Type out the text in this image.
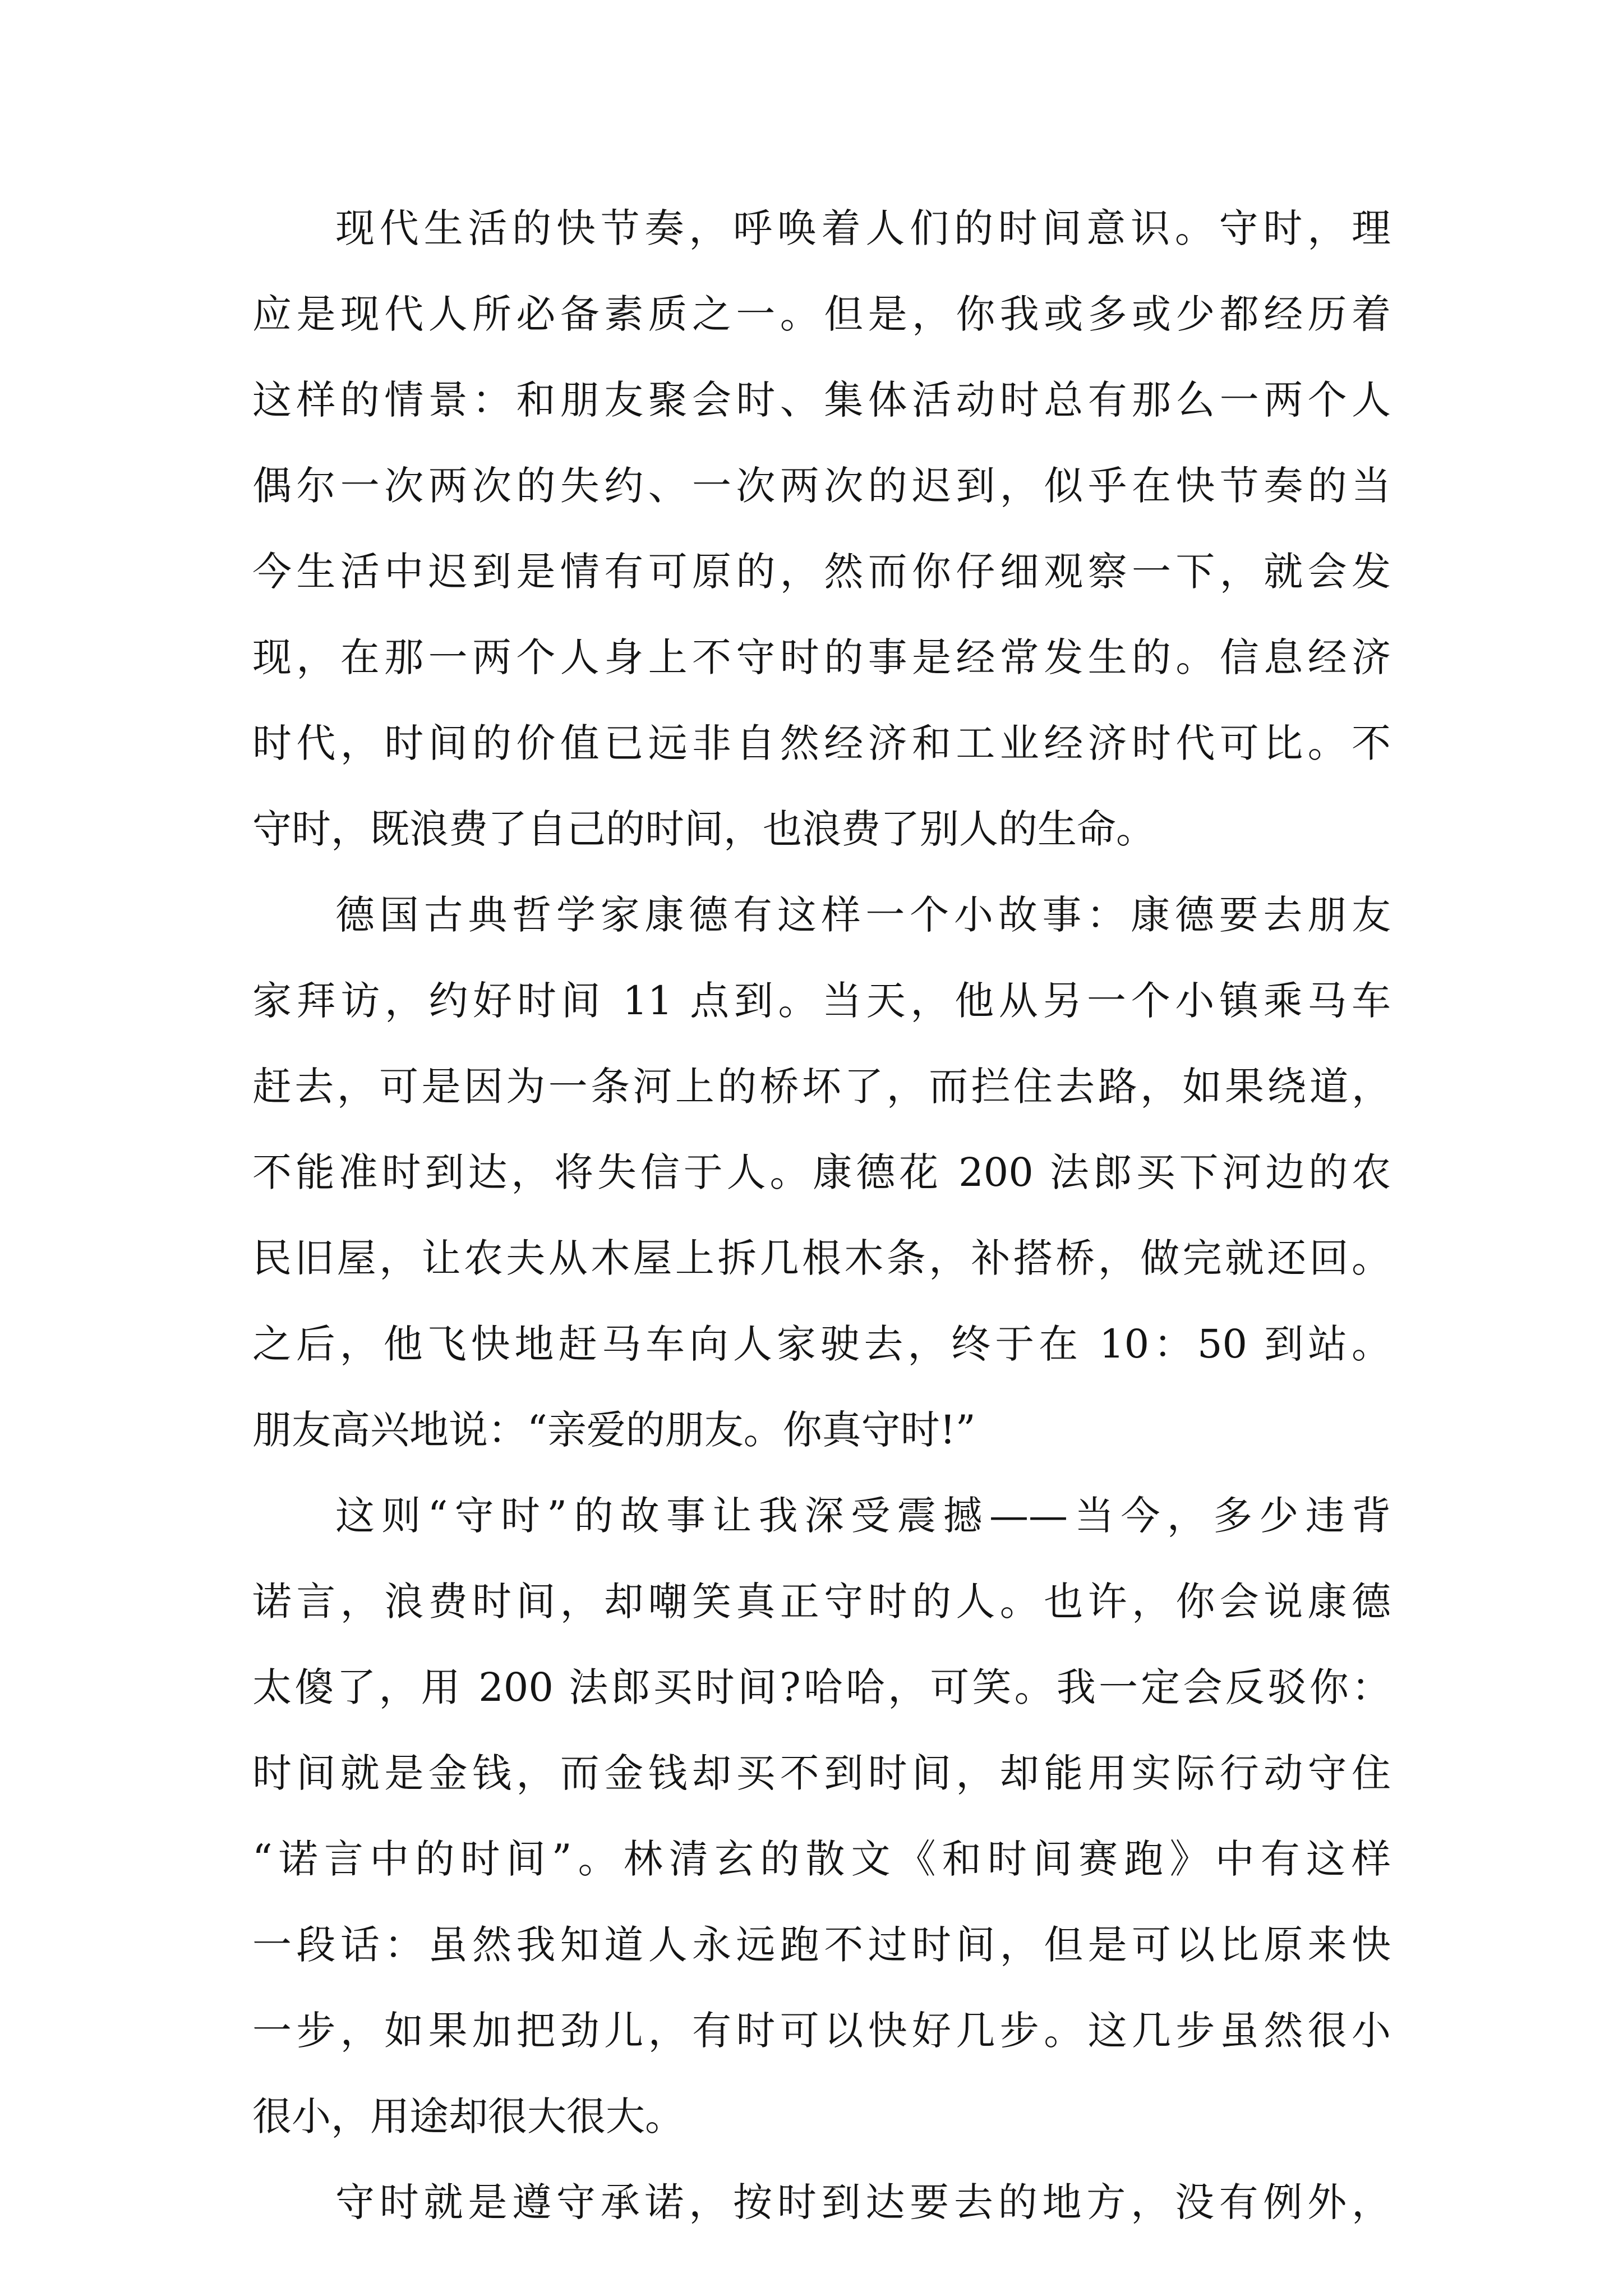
现代生活的快节奏，呼唤着人们的时间意识。守时，理
应是现代人所必备素质之一。但是，你我或多或少都经历着
这样的情景：和朋友聚会时、集体活动时总有那么一两个人
偶尔一次两次的失约、一次两次的迟到，似乎在快节奏的当
今生活中迟到是情有可原的，然而你仔细观察一下，就会发
现，在那一两个人身上不守时的事是经常发生的。信息经济
时代，时间的价值已远非自然经济和工业经济时代可比。不
守时，既浪费了自己的时间，也浪费了别人的生命。
德国古典哲学家康德有这样一个小故事：康德要去朋友
家拜访，约好时间 11 点到。当天，他从另一个小镇乘马车
赶去，可是因为一条河上的桥坏了，而拦住去路，如果绕道，
不能准时到达，将失信于人。康德花 200 法郎买下河边的农
民旧屋，让农夫从木屋上拆几根木条，补搭桥，做完就还回。
之后，他飞快地赶马车向人家驶去，终于在 10：50 到站。
朋友高兴地说：“亲爱的朋友。你真守时!”
这则“守时”的故事让我深受震撼——当今，多少违背
诺言，浪费时间，却嘲笑真正守时的人。也许，你会说康德
太傻了，用 200 法郎买时间?哈哈，可笑。我一定会反驳你：
时间就是金钱，而金钱却买不到时间，却能用实际行动守住
“诺言中的时间”。林清玄的散文《和时间赛跑》中有这样
一段话：虽然我知道人永远跑不过时间，但是可以比原来快
一步，如果加把劲儿，有时可以快好几步。这几步虽然很小
很小，用途却很大很大。
守时就是遵守承诺，按时到达要去的地方，没有例外，
